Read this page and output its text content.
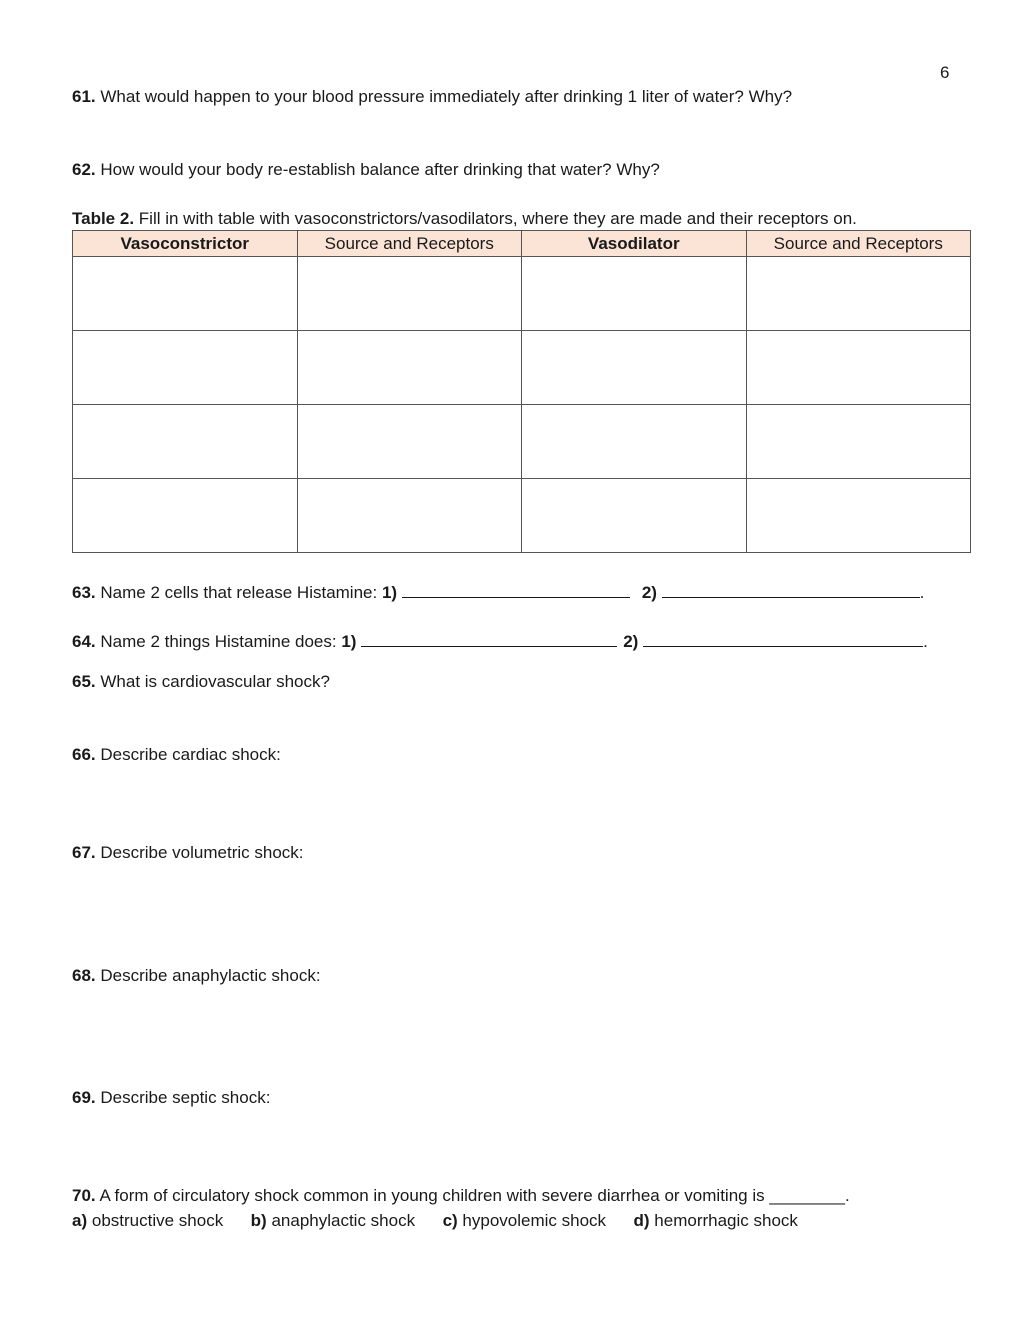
6
61. What would happen to your blood pressure immediately after drinking 1 liter of water? Why?
62. How would your body re-establish balance after drinking that water? Why?
Table 2. Fill in with table with vasoconstrictors/vasodilators, where they are made and their receptors on.
Vasoconstrictor	Source and Receptors	Vasodilator	Source and Receptors

63. Name 2 cells that release Histamine: 1)	2)	.
64. Name 2 things Histamine does: 1)	2)	.
65. What is cardiovascular shock?
66. Describe cardiac shock:
67. Describe volumetric shock:
68. Describe anaphylactic shock:
69. Describe septic shock:
70. A form of circulatory shock common in young children with severe diarrhea or vomiting is ________.
a) obstructive shock b) anaphylactic shock c) hypovolemic shock d) hemorrhagic shock
